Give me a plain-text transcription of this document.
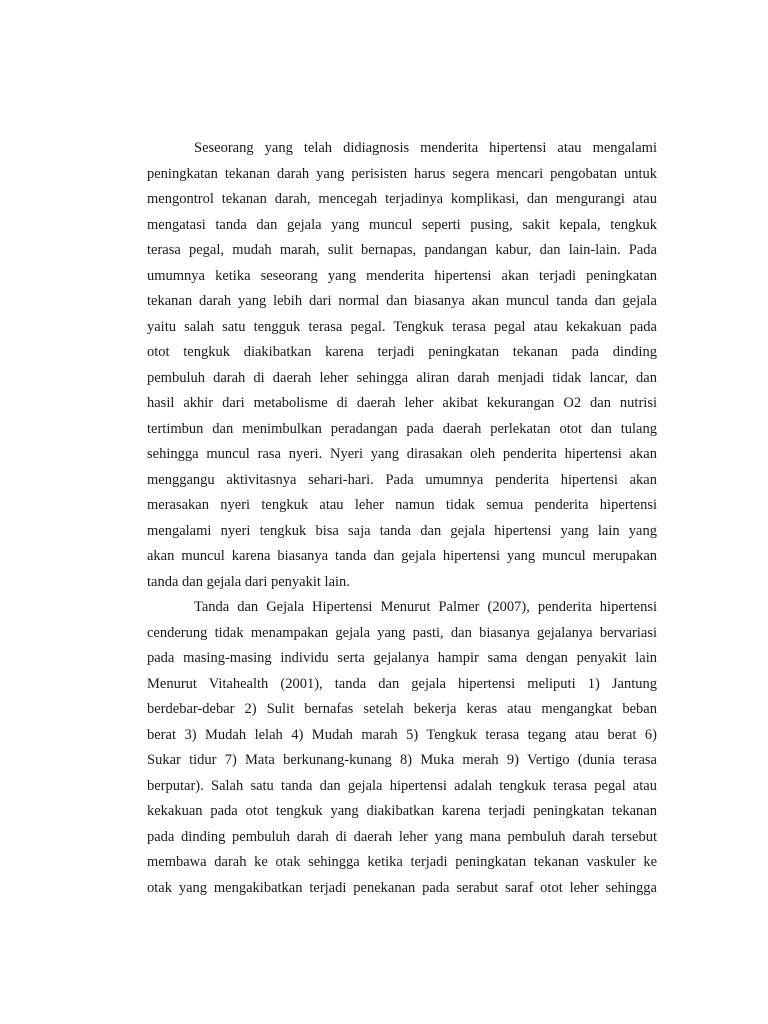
Seseorang yang telah didiagnosis menderita hipertensi atau mengalami
peningkatan tekanan darah yang perisisten harus segera mencari pengobatan untuk
mengontrol tekanan darah, mencegah terjadinya komplikasi, dan mengurangi atau
mengatasi tanda dan gejala yang muncul seperti pusing, sakit kepala, tengkuk
terasa pegal, mudah marah, sulit bernapas, pandangan kabur, dan lain-lain. Pada
umumnya ketika seseorang yang menderita hipertensi akan terjadi peningkatan
tekanan darah yang lebih dari normal dan biasanya akan muncul tanda dan gejala
yaitu salah satu tengguk terasa pegal. Tengkuk terasa pegal atau kekakuan pada
otot tengkuk diakibatkan karena terjadi peningkatan tekanan pada dinding
pembuluh darah di daerah leher sehingga aliran darah menjadi tidak lancar, dan
hasil akhir dari metabolisme di daerah leher akibat kekurangan O2 dan nutrisi
tertimbun dan menimbulkan peradangan pada daerah perlekatan otot dan tulang
sehingga muncul rasa nyeri. Nyeri yang dirasakan oleh penderita hipertensi akan
menggangu aktivitasnya sehari-hari. Pada umumnya penderita hipertensi akan
merasakan nyeri tengkuk atau leher namun tidak semua penderita hipertensi
mengalami nyeri tengkuk bisa saja tanda dan gejala hipertensi yang lain yang
akan muncul karena biasanya tanda dan gejala hipertensi yang muncul merupakan
tanda dan gejala dari penyakit lain.
Tanda dan Gejala Hipertensi Menurut Palmer (2007), penderita hipertensi
cenderung tidak menampakan gejala yang pasti, dan biasanya gejalanya bervariasi
pada masing-masing individu serta gejalanya hampir sama dengan penyakit lain
Menurut Vitahealth (2001), tanda dan gejala hipertensi meliputi 1) Jantung
berdebar-debar 2) Sulit bernafas setelah bekerja keras atau mengangkat beban
berat 3) Mudah lelah 4) Mudah marah 5) Tengkuk terasa tegang atau berat 6)
Sukar tidur 7) Mata berkunang-kunang 8) Muka merah 9) Vertigo (dunia terasa
berputar). Salah satu tanda dan gejala hipertensi adalah tengkuk terasa pegal atau
kekakuan pada otot tengkuk yang diakibatkan karena terjadi peningkatan tekanan
pada dinding pembuluh darah di daerah leher yang mana pembuluh darah tersebut
membawa darah ke otak sehingga ketika terjadi peningkatan tekanan vaskuler ke
otak yang mengakibatkan terjadi penekanan pada serabut saraf otot leher sehingga
